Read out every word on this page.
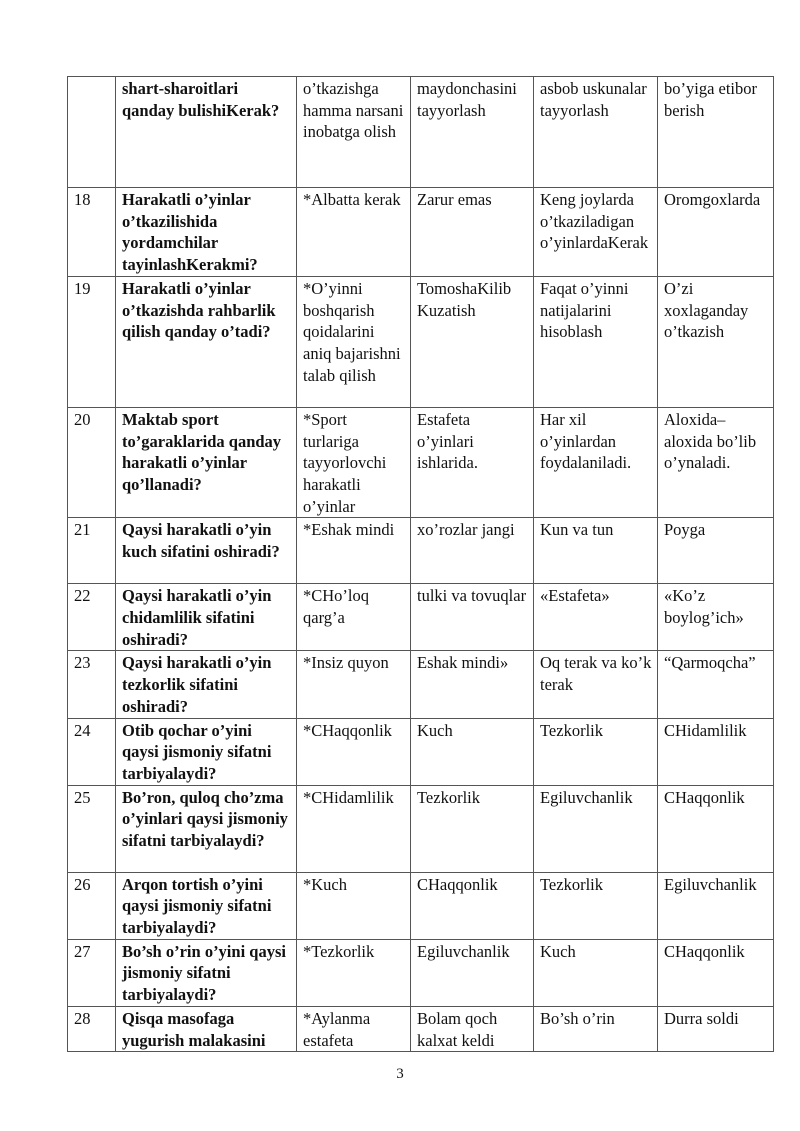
	shart-sharoitlari qanday bulishiKerak?	o’tkazishga hamma narsani inobatga olish	maydonchasini tayyorlash	asbob uskunalar tayyorlash	bo’yiga etibor berish
18	Harakatli o’yinlar o’tkazilishida yordamchilar tayinlashKerakmi?	*Albatta kerak	Zarur emas	Keng joylarda o’tkaziladigan o’yinlardaKerak	Oromgoxlarda
19	Harakatli o’yinlar o’tkazishda rahbarlik qilish qanday o’tadi?	*O’yinni boshqarish qoidalarini aniq bajarishni talab qilish	TomoshaKilib Kuzatish	Faqat o’yinni natijalarini hisoblash	O’zi xoxlaganday o’tkazish
20	Maktab sport to’garaklarida qanday harakatli o’yinlar qo’llanadi?	*Sport turlariga tayyorlovchi harakatli o’yinlar	Estafeta o’yinlari ishlarida.	Har xil o’yinlardan foydalaniladi.	Aloxida– aloxida bo’lib o’ynaladi.
21	Qaysi harakatli o’yin kuch sifatini oshiradi?	*Eshak mindi	xo’rozlar jangi	Kun va tun	Poyga
22	Qaysi harakatli o’yin chidamlilik sifatini oshiradi?	*CHo’loq qarg’a	tulki va tovuqlar	«Estafeta»	«Ko’z boylog’ich»
23	Qaysi harakatli o’yin tezkorlik sifatini oshiradi?	*Insiz quyon	Eshak mindi»	Oq terak va ko’k terak	“Qarmoqcha”
24	Otib qochar o’yini qaysi jismoniy sifatni tarbiyalaydi?	*CHaqqonlik	Kuch	Tezkorlik	CHidamlilik
25	Bo’ron, quloq cho’zma o’yinlari qaysi jismoniy sifatni tarbiyalaydi?	*CHidamlilik	Tezkorlik	Egiluvchanlik	CHaqqonlik
26	Arqon tortish o’yini qaysi jismoniy sifatni tarbiyalaydi?	*Kuch	CHaqqonlik	Tezkorlik	Egiluvchanlik
27	Bo’sh o’rin o’yini qaysi jismoniy sifatni tarbiyalaydi?	*Tezkorlik	Egiluvchanlik	Kuch	CHaqqonlik
28	Qisqa masofaga yugurish malakasini	*Aylanma estafeta	Bolam qoch kalxat keldi	Bo’sh o’rin	Durra soldi
3
